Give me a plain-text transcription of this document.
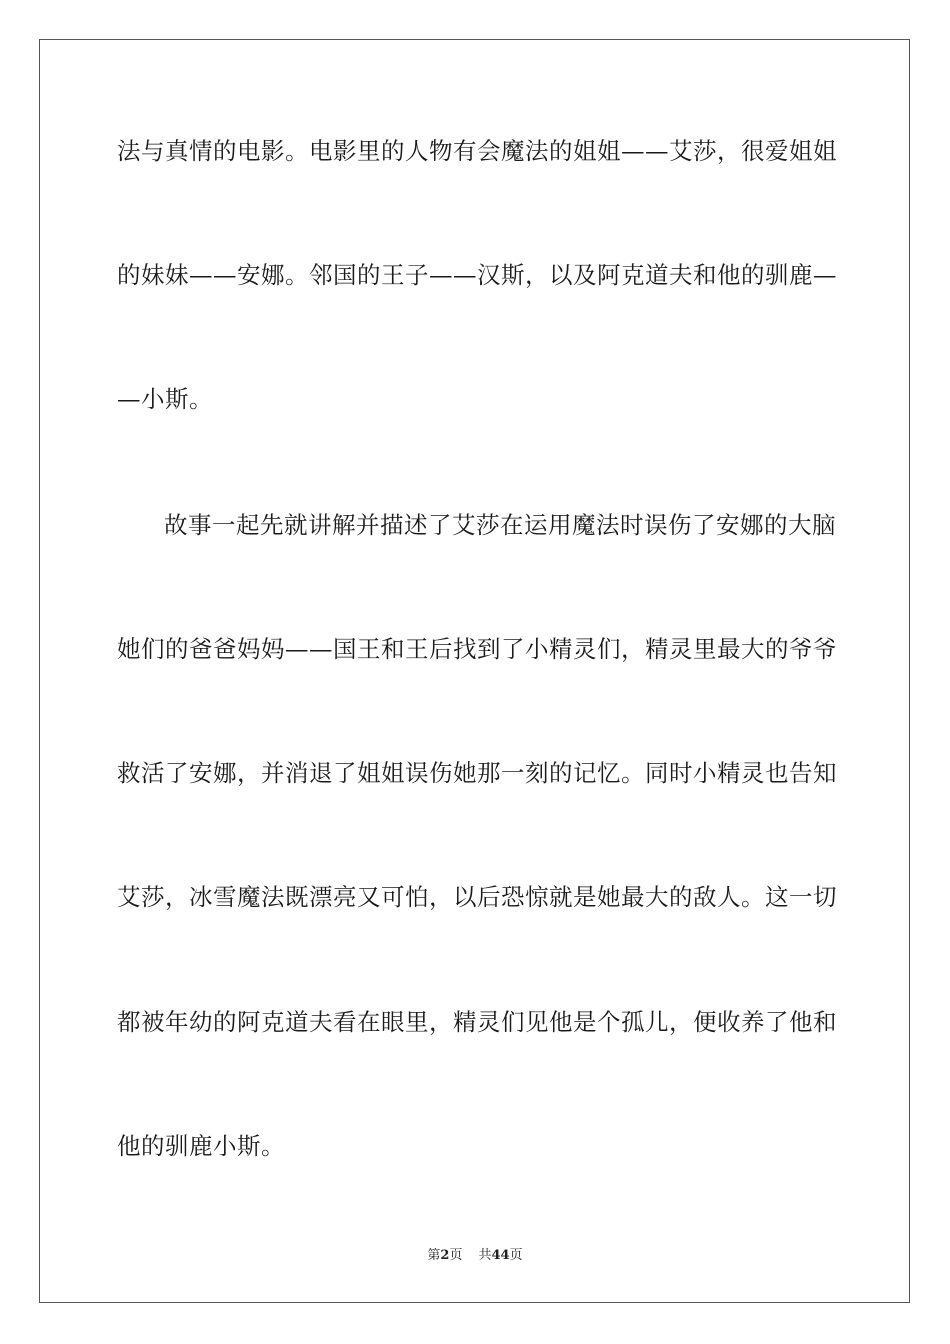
法与真情的电影。电影里的人物有会魔法的姐姐——艾莎，很爱姐姐
的妹妹——安娜。邻国的王子——汉斯，以及阿克道夫和他的驯鹿—
—小斯。
故事一起先就讲解并描述了艾莎在运用魔法时误伤了安娜的大脑
她们的爸爸妈妈——国王和王后找到了小精灵们，精灵里最大的爷爷
救活了安娜，并消退了姐姐误伤她那一刻的记忆。同时小精灵也告知
艾莎，冰雪魔法既漂亮又可怕，以后恐惊就是她最大的敌人。这一切
都被年幼的阿克道夫看在眼里，精灵们见他是个孤儿，便收养了他和
他的驯鹿小斯。
第2页 共44页
